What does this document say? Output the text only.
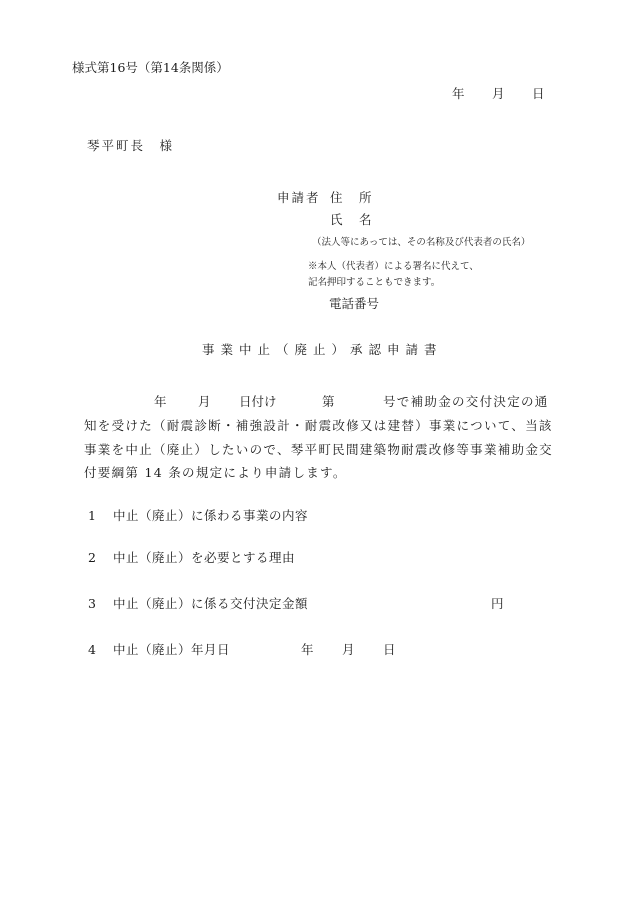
様式第16号（第14条関係）
年 月 日
琴平町長　様
申請者 住　所
氏　名
（法人等にあっては、その名称及び代表者の氏名）
※本人（代表者）による署名に代えて、
記名押印することもできます。
電話番号
事業中止（廃止）承認申請書
年	月 日付け	第	号で補助金の交付決定の通
知を受けた（耐震診断・補強設計・耐震改修又は建替）事業について、当該
事業を中止（廃止）したいので、琴平町民間建築物耐震改修等事業補助金交
付要綱第 14 条の規定により申請します。
1 中止（廃止）に係わる事業の内容
2 中止（廃止）を必要とする理由
3 中止（廃止）に係る交付決定金額	円
4 中止（廃止）年月日	年 月 日
